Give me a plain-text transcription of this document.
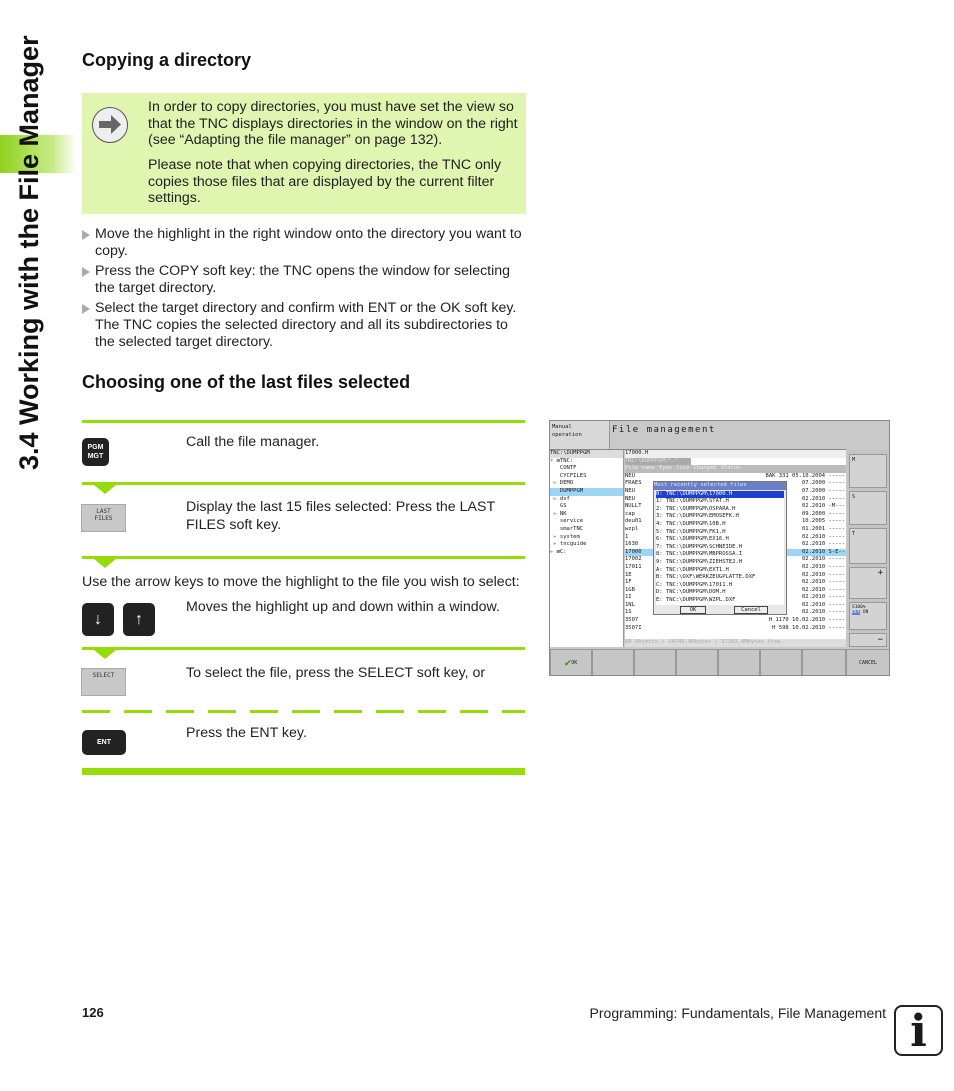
3.4 Working with the File Manager Copying a directory
In order to copy directories, you must have set the view so that the TNC displays directories in the window on the right (see “Adapting the file manager” on page 132).
Please note that when copying directories, the TNC only copies those files that are displayed by the current filter settings.
Move the highlight in the right window onto the directory you want to copy.
Press the COPY soft key: the TNC opens the window for selecting the target directory.
Select the target directory and confirm with ENT or the OK soft key. The TNC copies the selected directory and all its subdirectories to the selected target directory.
Choosing one of the last files selected
PGM
MGT
Call the file manager.
LAST
FILES
Display the last 15 files selected: Press the LAST FILES soft key.
Use the arrow keys to move the highlight to the file you wish to select:
↓	↑
Moves the highlight up and down within a window.
SELECT	To select the file, press the SELECT soft key, or
ENT
Press the ENT key.
Manual
operation	File management
TNC:\DUMPPGM
▿ ⊞TNC:
CONTF
CYCFILES
▹ DEMO
DUMPPGM
▹ dxf
GS
▹ NK
service
smarTNC
▹ system
▹ tncguide
▹ ⊞C:
17000.H
TNC:\DUMPPGM\*.*
File name Type Size Changed Status
NEU	BAK 331 05.10.2004 -----
FRAES	07.2000 -----
NEU	07.2000 -----
NEU	02.2010 -----
NULLT	02.2010 -M---
cap	09.2000 -----
deu01	10.2005 -----
wzpl	01.2001 -----
1	02.2010 -----
1630	02.2010 -----
17000	02.2010 S-E--
17002	02.2010 -----
17011	02.2010 -----
1E	02.2010 -----
1F	02.2010 -----
1GB	02.2010 -----
1I	02.2010 -----
1NL	02.2010 -----
1S	02.2010 -----
3507	H 1170 10.02.2010 -----
3507I	H 598 10.02.2010 -----
60 Objects / 24749,4Kbytes / 37163,4Mbytes free
Most recently selected files
0: TNC:\DUMPPGM\17000.H
1: TNC:\DUMPPGM\STAT.H
2: TNC:\DUMPPGM\OSPARA.H
3: TNC:\DUMPPGM\EMOSEFK.H
4: TNC:\DUMPPGM\10B.H
5: TNC:\DUMPPGM\FK1.H
6: TNC:\DUMPPGM\EX16.H
7: TNC:\DUMPPGM\SCHNEIDE.H
8: TNC:\DUMPPGM\MBPROSSA.I
9: TNC:\DUMPPGM\ZIEHSTE2.H
A: TNC:\DUMPPGM\EXT1.H
B: TNC:\DXF\WERKZEUGPLATTE.DXF
C: TNC:\DUMPPGM\17011.H
D: TNC:\DUMPPGM\DOM.H
E: TNC:\DUMPPGM\WZPL.DXF
OK	Cancel
M
S
T
+
S100%
OFF ON
−
✔ OK	CANCEL
126	Programming: Fundamentals, File Management i
